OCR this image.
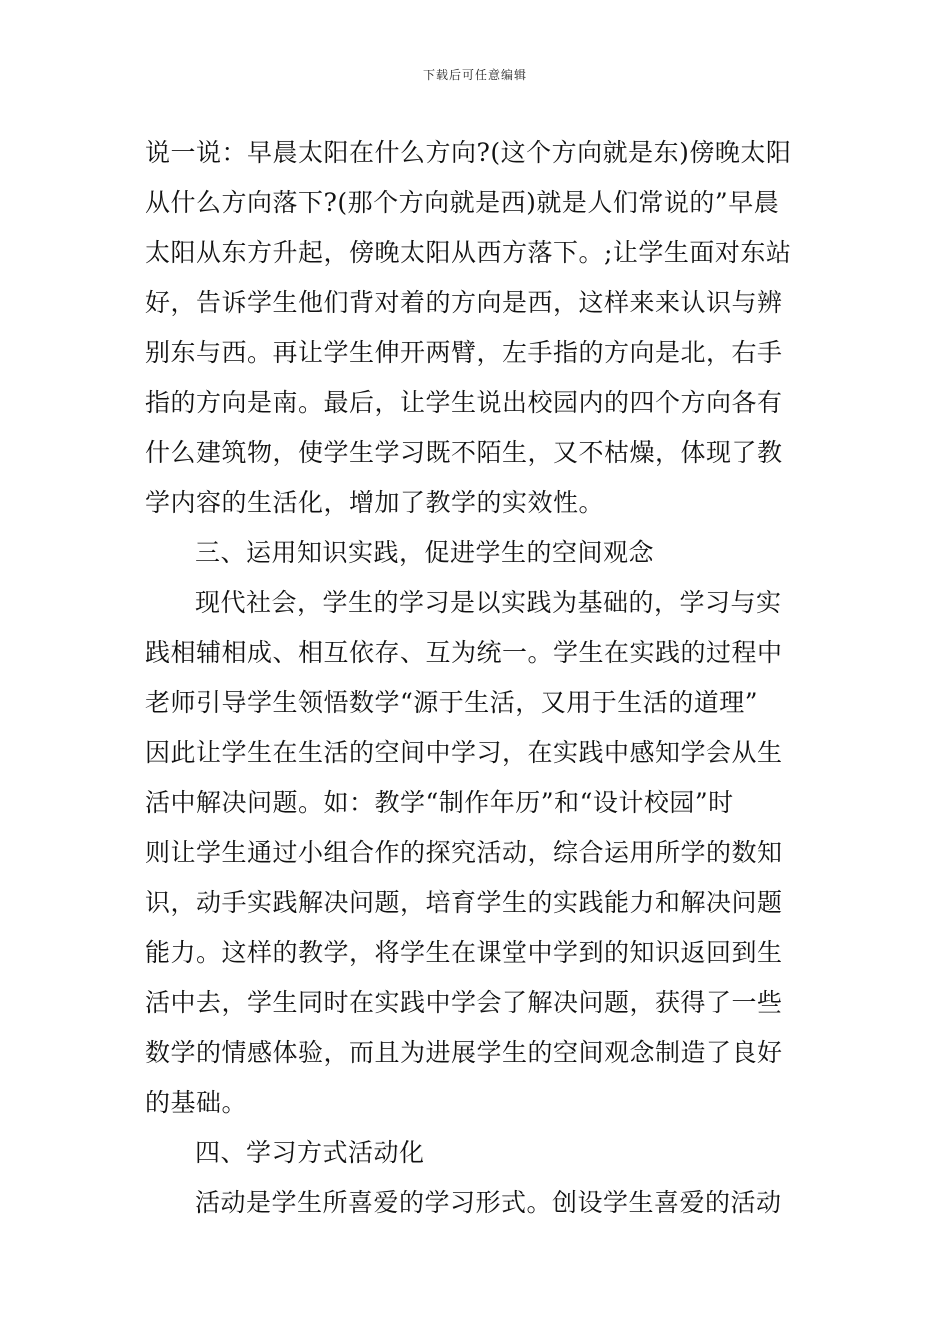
下载后可任意编辑
说一说：早晨太阳在什么方向?(这个方向就是东)傍晚太阳
从什么方向落下?(那个方向就是西)就是人们常说的”早晨
太阳从东方升起，傍晚太阳从西方落下。;让学生面对东站
好，告诉学生他们背对着的方向是西，这样来来认识与辨
别东与西。再让学生伸开两臂，左手指的方向是北，右手
指的方向是南。最后，让学生说出校园内的四个方向各有
什么建筑物，使学生学习既不陌生，又不枯燥，体现了教
学内容的生活化，增加了教学的实效性。
三、运用知识实践，促进学生的空间观念
现代社会，学生的学习是以实践为基础的，学习与实
践相辅相成、相互依存、互为统一。学生在实践的过程中
老师引导学生领悟数学“源于生活，又用于生活的道理”
因此让学生在生活的空间中学习，在实践中感知学会从生
活中解决问题。如：教学“制作年历”和“设计校园”时
则让学生通过小组合作的探究活动，综合运用所学的数知
识，动手实践解决问题，培育学生的实践能力和解决问题
能力。这样的教学，将学生在课堂中学到的知识返回到生
活中去，学生同时在实践中学会了解决问题，获得了一些
数学的情感体验，而且为进展学生的空间观念制造了良好
的基础。
四、学习方式活动化
活动是学生所喜爱的学习形式。创设学生喜爱的活动
